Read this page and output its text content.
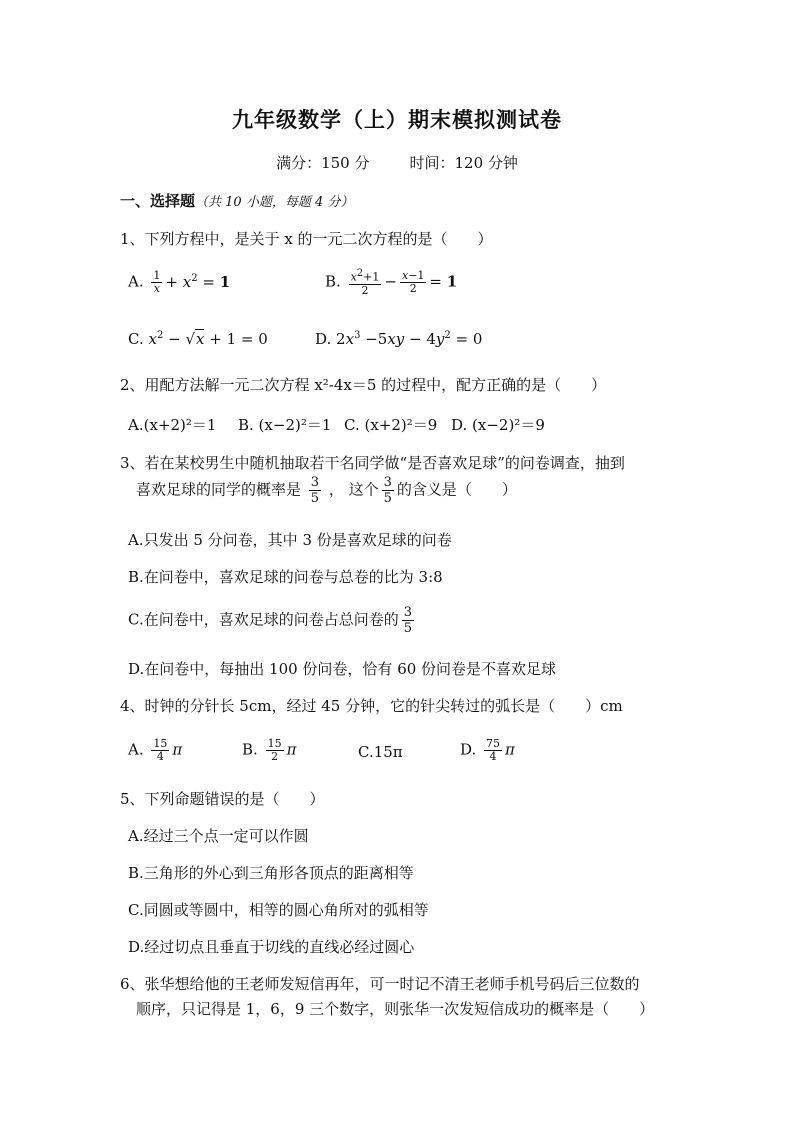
九年级数学（上）期末模拟测试卷
满分：150 分	时间：120 分钟
一、选择题（共 10 小题，每题 4 分）
1、下列方程中，是关于 x 的一元二次方程的是（　　）
A. $\frac{1}{x} + x^2 = 1$	B. $\frac{x^2+1}{2} - \frac{x-1}{2} = 1$
C. $x^2 - √x + 1 = 0$	D. $2x^3 -5xy - 4y^2 = 0$
2、用配方法解一元二次方程 x²-4x＝5 的过程中，配方正确的是（　　）
A.(x+2)²＝1 B. (x−2)²＝1 C. (x+2)²＝9 D. (x−2)²＝9
3、若在某校男生中随机抽取若干名同学做“是否喜欢足球”的问卷调查，抽到
喜欢足球的同学的概率是 $\frac{3}{5}$ ， 这个 $\frac{3}{5}$ 的含义是（　　）
A.只发出 5 分问卷，其中 3 份是喜欢足球的问卷
B.在问卷中，喜欢足球的问卷与总卷的比为 3:8
C.在问卷中，喜欢足球的问卷占总问卷的 $\frac{3}{5}$
D.在问卷中，每抽出 100 份问卷，恰有 60 份问卷是不喜欢足球
4、时钟的分针长 5cm，经过 45 分钟，它的针尖转过的弧长是（　　）cm
A. $\frac{15}{4}$ π	B. $\frac{15}{2}$ π	C.15π	D. $\frac{75}{4}$ π
5、下列命题错误的是（　　）
A.经过三个点一定可以作圆
B.三角形的外心到三角形各顶点的距离相等
C.同圆或等圆中，相等的圆心角所对的弧相等
D.经过切点且垂直于切线的直线必经过圆心
6、张华想给他的王老师发短信再年，可一时记不清王老师手机号码后三位数的
顺序，只记得是 1，6，9 三个数字，则张华一次发短信成功的概率是（　　）
